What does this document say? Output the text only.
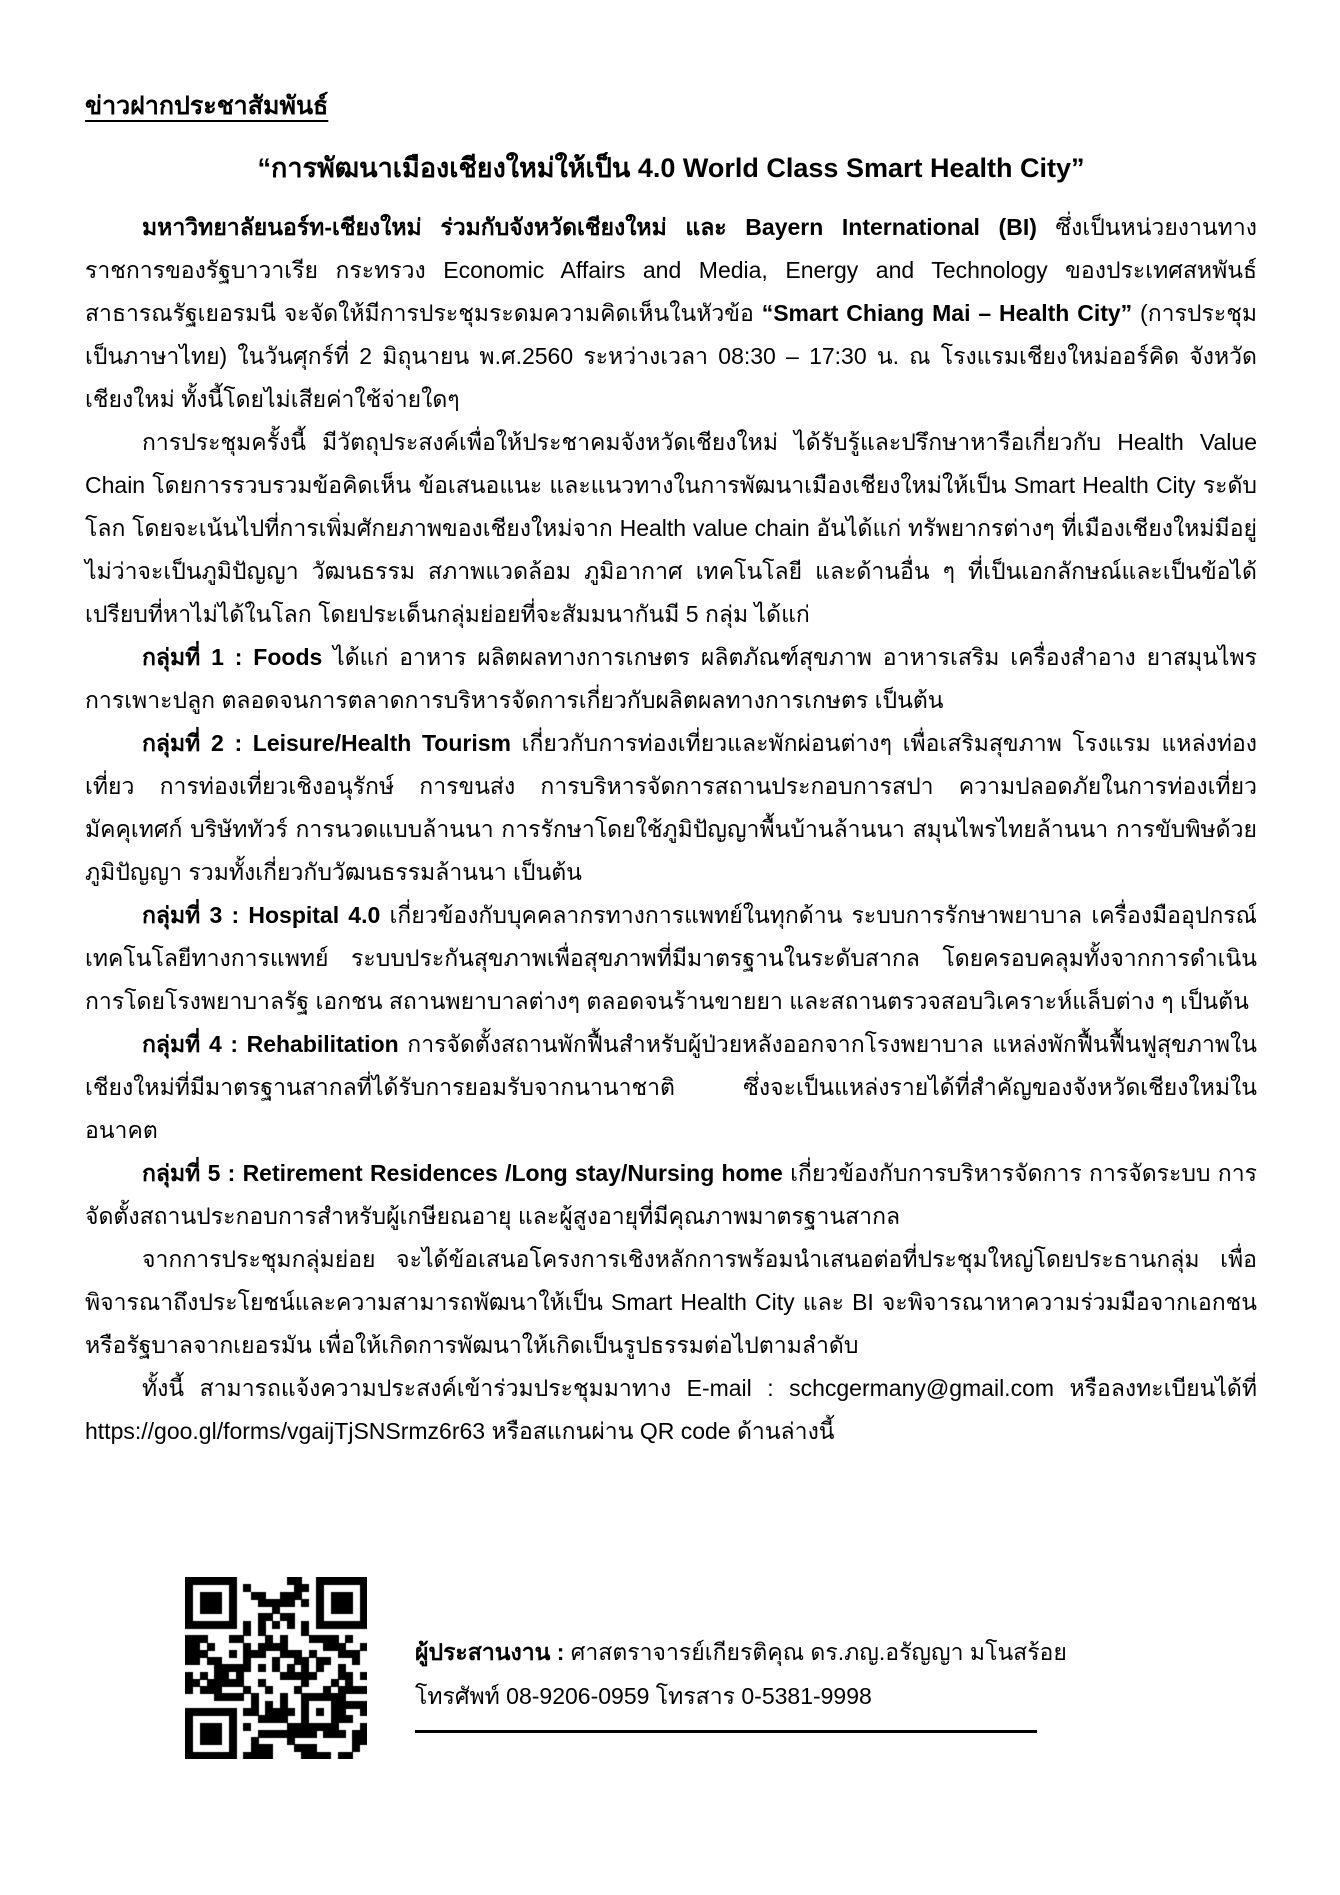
ข่าวฝากประชาสัมพันธ์
“การพัฒนาเมืองเชียงใหม่ให้เป็น 4.0 World Class Smart Health City”

มหาวิทยาลัยนอร์ท-เชียงใหม่ ร่วมกับจังหวัดเชียงใหม่ และ Bayern International (BI) ซึ่งเป็นหน่วยงานทางราชการของรัฐบาวาเรีย กระทรวง Economic Affairs and Media, Energy and Technology ของประเทศสหพันธ์สาธารณรัฐเยอรมนี จะจัดให้มีการประชุมระดมความคิดเห็นในหัวข้อ “Smart Chiang Mai – Health City” (การประชุมเป็นภาษาไทย) ในวันศุกร์ที่ 2 มิถุนายน พ.ศ.2560 ระหว่างเวลา 08:30 – 17:30 น. ณ โรงแรมเชียงใหม่ออร์คิด จังหวัดเชียงใหม่ ทั้งนี้โดยไม่เสียค่าใช้จ่ายใดๆ

การประชุมครั้งนี้ มีวัตถุประสงค์เพื่อให้ประชาคมจังหวัดเชียงใหม่ ได้รับรู้และปรึกษาหารือเกี่ยวกับ Health Value Chain โดยการรวบรวมข้อคิดเห็น ข้อเสนอแนะ และแนวทางในการพัฒนาเมืองเชียงใหม่ให้เป็น Smart Health City ระดับโลก โดยจะเน้นไปที่การเพิ่มศักยภาพของเชียงใหม่จาก Health value chain อันได้แก่ ทรัพยากรต่างๆ ที่เมืองเชียงใหม่มีอยู่ ไม่ว่าจะเป็นภูมิปัญญา วัฒนธรรม สภาพแวดล้อม ภูมิอากาศ เทคโนโลยี และด้านอื่น ๆ ที่เป็นเอกลักษณ์และเป็นข้อได้เปรียบที่หาไม่ได้ในโลก โดยประเด็นกลุ่มย่อยที่จะสัมมนากันมี 5 กลุ่ม ได้แก่

กลุ่มที่ 1 : Foods ได้แก่ อาหาร ผลิตผลทางการเกษตร ผลิตภัณฑ์สุขภาพ อาหารเสริม เครื่องสำอาง ยาสมุนไพร การเพาะปลูก ตลอดจนการตลาดการบริหารจัดการเกี่ยวกับผลิตผลทางการเกษตร เป็นต้น

กลุ่มที่ 2 : Leisure/Health Tourism เกี่ยวกับการท่องเที่ยวและพักผ่อนต่างๆ เพื่อเสริมสุขภาพ โรงแรม แหล่งท่องเที่ยว การท่องเที่ยวเชิงอนุรักษ์ การขนส่ง การบริหารจัดการสถานประกอบการสปา ความปลอดภัยในการท่องเที่ยว มัคคุเทศก์ บริษัททัวร์ การนวดแบบล้านนา การรักษาโดยใช้ภูมิปัญญาพื้นบ้านล้านนา สมุนไพรไทยล้านนา การขับพิษด้วยภูมิปัญญา รวมทั้งเกี่ยวกับวัฒนธรรมล้านนา เป็นต้น

กลุ่มที่ 3 : Hospital 4.0 เกี่ยวข้องกับบุคคลากรทางการแพทย์ในทุกด้าน ระบบการรักษาพยาบาล เครื่องมืออุปกรณ์ เทคโนโลยีทางการแพทย์ ระบบประกันสุขภาพเพื่อสุขภาพที่มีมาตรฐานในระดับสากล โดยครอบคลุมทั้งจากการดำเนินการโดยโรงพยาบาลรัฐ เอกชน สถานพยาบาลต่างๆ ตลอดจนร้านขายยา และสถานตรวจสอบวิเคราะห์แล็บต่าง ๆ เป็นต้น

กลุ่มที่ 4 : Rehabilitation การจัดตั้งสถานพักฟื้นสำหรับผู้ป่วยหลังออกจากโรงพยาบาล แหล่งพักฟื้นฟื้นฟูสุขภาพในเชียงใหม่ที่มีมาตรฐานสากลที่ได้รับการยอมรับจากนานาชาติ ซึ่งจะเป็นแหล่งรายได้ที่สำคัญของจังหวัดเชียงใหม่ในอนาคต

กลุ่มที่ 5 : Retirement Residences /Long stay/Nursing home เกี่ยวข้องกับการบริหารจัดการ การจัดระบบ การจัดตั้งสถานประกอบการสำหรับผู้เกษียณอายุ และผู้สูงอายุที่มีคุณภาพมาตรฐานสากล

จากการประชุมกลุ่มย่อย จะได้ข้อเสนอโครงการเชิงหลักการพร้อมนำเสนอต่อที่ประชุมใหญ่โดยประธานกลุ่ม เพื่อพิจารณาถึงประโยชน์และความสามารถพัฒนาให้เป็น Smart Health City และ BI จะพิจารณาหาความร่วมมือจากเอกชนหรือรัฐบาลจากเยอรมัน เพื่อให้เกิดการพัฒนาให้เกิดเป็นรูปธรรมต่อไปตามลำดับ

ทั้งนี้ สามารถแจ้งความประสงค์เข้าร่วมประชุมมาทาง E-mail : schcgermany@gmail.com หรือลงทะเบียนได้ที่ https://goo.gl/forms/vgaijTjSNSrmz6r63 หรือสแกนผ่าน QR code ด้านล่างนี้

ผู้ประสานงาน : ศาสตราจารย์เกียรติคุณ ดร.ภญ.อรัญญา มโนสร้อย
โทรศัพท์ 08-9206-0959 โทรสาร 0-5381-9998
